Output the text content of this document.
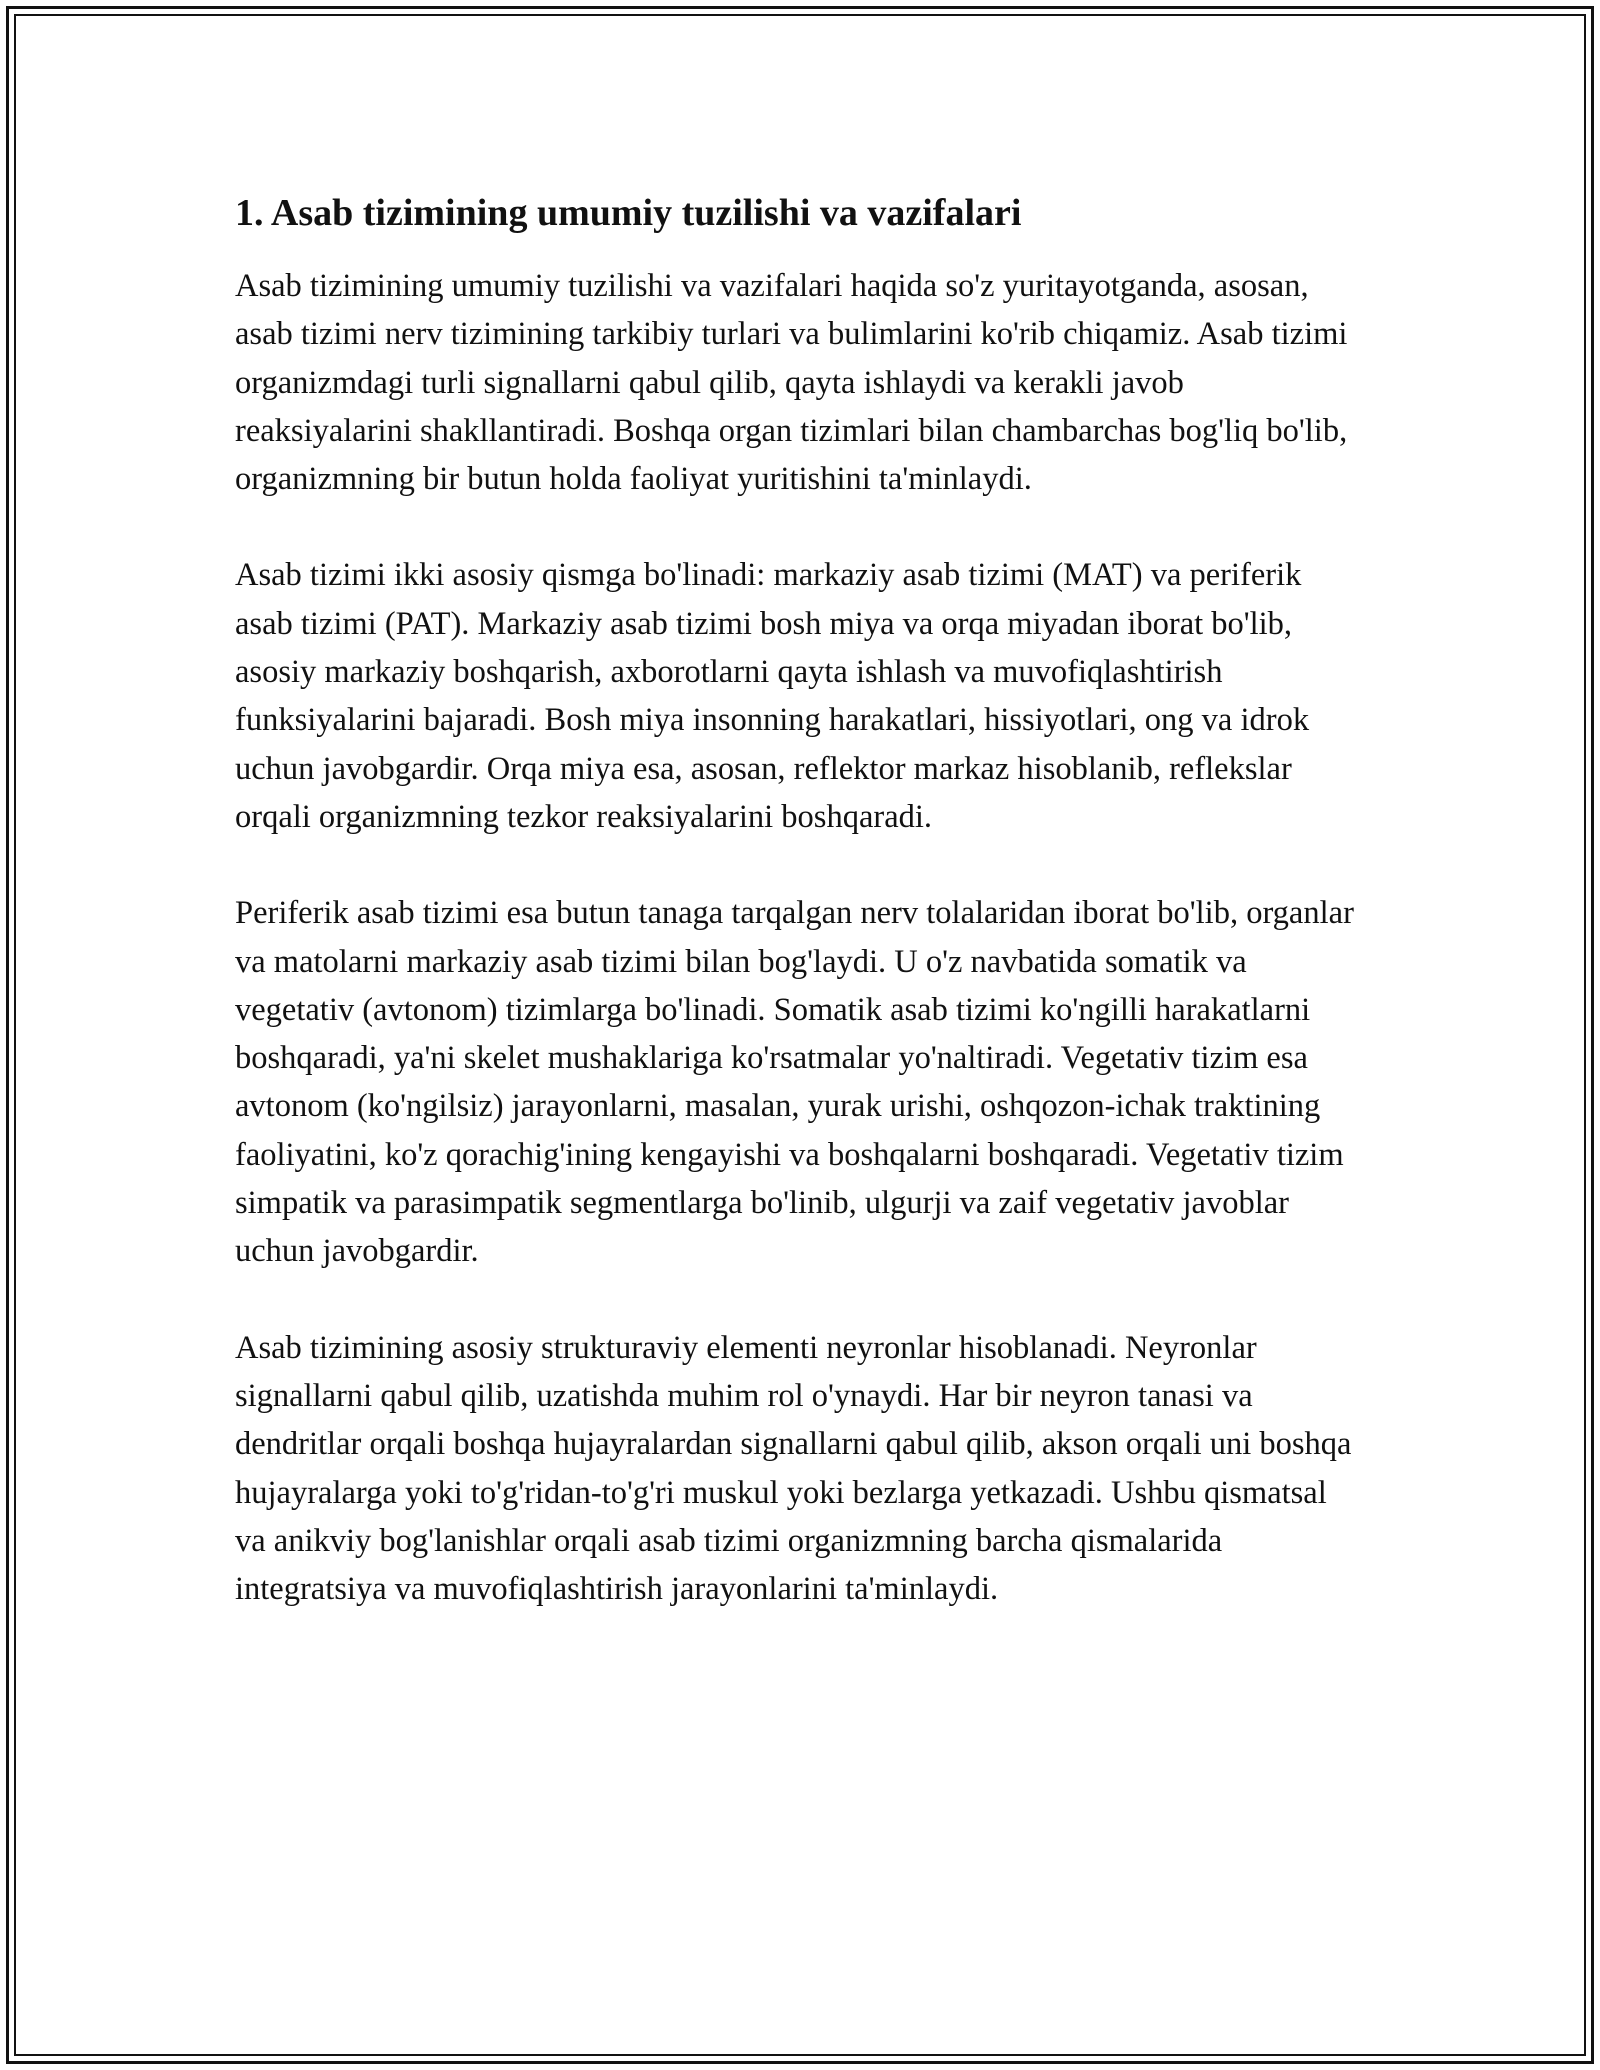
1. Asab tizimining umumiy tuzilishi va vazifalari

Asab tizimining umumiy tuzilishi va vazifalari haqida so'z yuritayotganda, asosan, asab tizimi nerv tizimining tarkibiy turlari va bulimlarini ko'rib chiqamiz. Asab tizimi organizmdagi turli signallarni qabul qilib, qayta ishlaydi va kerakli javob reaksiyalarini shakllantiradi. Boshqa organ tizimlari bilan chambarchas bog'liq bo'lib, organizmning bir butun holda faoliyat yuritishini ta'minlaydi.

Asab tizimi ikki asosiy qismga bo'linadi: markaziy asab tizimi (MAT) va periferik asab tizimi (PAT). Markaziy asab tizimi bosh miya va orqa miyadan iborat bo'lib, asosiy markaziy boshqarish, axborotlarni qayta ishlash va muvofiqlashtirish funksiyalarini bajaradi. Bosh miya insonning harakatlari, hissiyotlari, ong va idrok uchun javobgardir. Orqa miya esa, asosan, reflektor markaz hisoblanib, reflekslar orqali organizmning tezkor reaksiyalarini boshqaradi.

Periferik asab tizimi esa butun tanaga tarqalgan nerv tolalaridan iborat bo'lib, organlar va matolarni markaziy asab tizimi bilan bog'laydi. U o'z navbatida somatik va vegetativ (avtonom) tizimlarga bo'linadi. Somatik asab tizimi ko'ngilli harakatlarni boshqaradi, ya'ni skelet mushaklariga ko'rsatmalar yo'naltiradi. Vegetativ tizim esa avtonom (ko'ngilsiz) jarayonlarni, masalan, yurak urishi, oshqozon-ichak traktining faoliyatini, ko'z qorachig'ining kengayishi va boshqalarni boshqaradi. Vegetativ tizim simpatik va parasimpatik segmentlarga bo'linib, ulgurji va zaif vegetativ javoblar uchun javobgardir.

Asab tizimining asosiy strukturaviy elementi neyronlar hisoblanadi. Neyronlar signallarni qabul qilib, uzatishda muhim rol o'ynaydi. Har bir neyron tanasi va dendritlar orqali boshqa hujayralardan signallarni qabul qilib, akson orqali uni boshqa hujayralarga yoki to'g'ridan-to'g'ri muskul yoki bezlarga yetkazadi. Ushbu qismatsal va anikviy bog'lanishlar orqali asab tizimi organizmning barcha qismalarida integratsiya va muvofiqlashtirish jarayonlarini ta'minlaydi.
